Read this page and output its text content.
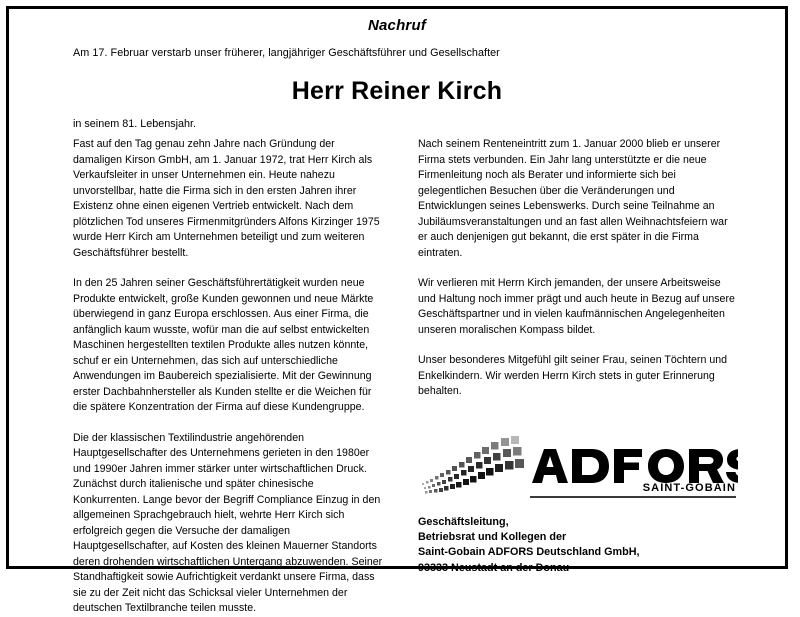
Nachruf
Am 17. Februar verstarb unser früherer, langjähriger Geschäftsführer und Gesellschafter
Herr Reiner Kirch
in seinem 81. Lebensjahr.

Fast auf den Tag genau zehn Jahre nach Gründung der damaligen Kirson GmbH, am 1. Januar 1972, trat Herr Kirch als Verkaufsleiter in unser Unternehmen ein. Heute nahezu unvorstellbar, hatte die Firma sich in den ersten Jahren ihrer Existenz ohne einen eigenen Vertrieb entwickelt. Nach dem plötzlichen Tod unseres Firmenmitgründers Alfons Kirzinger 1975 wurde Herr Kirch am Unternehmen beteiligt und zum weiteren Geschäftsführer bestellt.

In den 25 Jahren seiner Geschäftsführertätigkeit wurden neue Produkte entwickelt, große Kunden gewonnen und neue Märkte überwiegend in ganz Europa erschlossen. Aus einer Firma, die anfänglich kaum wusste, wofür man die auf selbst entwickelten Maschinen hergestellten textilen Produkte alles nutzen könnte, schuf er ein Unternehmen, das sich auf unterschiedliche Anwendungen im Baubereich spezialisierte. Mit der Gewinnung erster Dachbahnhersteller als Kunden stellte er die Weichen für die spätere Konzentration der Firma auf diese Kundengruppe.

Die der klassischen Textilindustrie angehörenden Hauptgesellschafter des Unternehmens gerieten in den 1980er und 1990er Jahren immer stärker unter wirtschaftlichen Druck. Zunächst durch italienische und später chinesische Konkurrenten. Lange bevor der Begriff Compliance Einzug in den allgemeinen Sprachgebrauch hielt, wehrte Herr Kirch sich erfolgreich gegen die Versuche der damaligen Hauptgesellschafter, auf Kosten des kleinen Mauerner Standorts deren drohenden wirtschaftlichen Untergang abzuwenden. Seiner Standhaftigkeit sowie Aufrichtigkeit verdankt unsere Firma, dass sie zu der Zeit nicht das Schicksal vieler Unternehmen der deutschen Textilbranche teilen musste.

Nach seinem Renteneintritt zum 1. Januar 2000 blieb er unserer Firma stets verbunden. Ein Jahr lang unterstützte er die neue Firmenleitung noch als Berater und informierte sich bei gelegentlichen Besuchen über die Veränderungen und Entwicklungen seines Lebenswerks. Durch seine Teilnahme an Jubiläumsveranstaltungen und an fast allen Weihnachtsfeiern war er auch denjenigen gut bekannt, die erst später in die Firma eintraten.

Wir verlieren mit Herrn Kirch jemanden, der unsere Arbeitsweise und Haltung noch immer prägt und auch heute in Bezug auf unsere Geschäftspartner und in vielen kaufmännischen Angelegenheiten unseren moralischen Kompass bildet.

Unser besonderes Mitgefühl gilt seiner Frau, seinen Töchtern und Enkelkindern. Wir werden Herrn Kirch stets in guter Erinnerung behalten.

SAINT-GOBAIN
Geschäftsleitung,
Betriebsrat und Kollegen der
Saint-Gobain ADFORS Deutschland GmbH,
93333 Neustadt an der Donau
